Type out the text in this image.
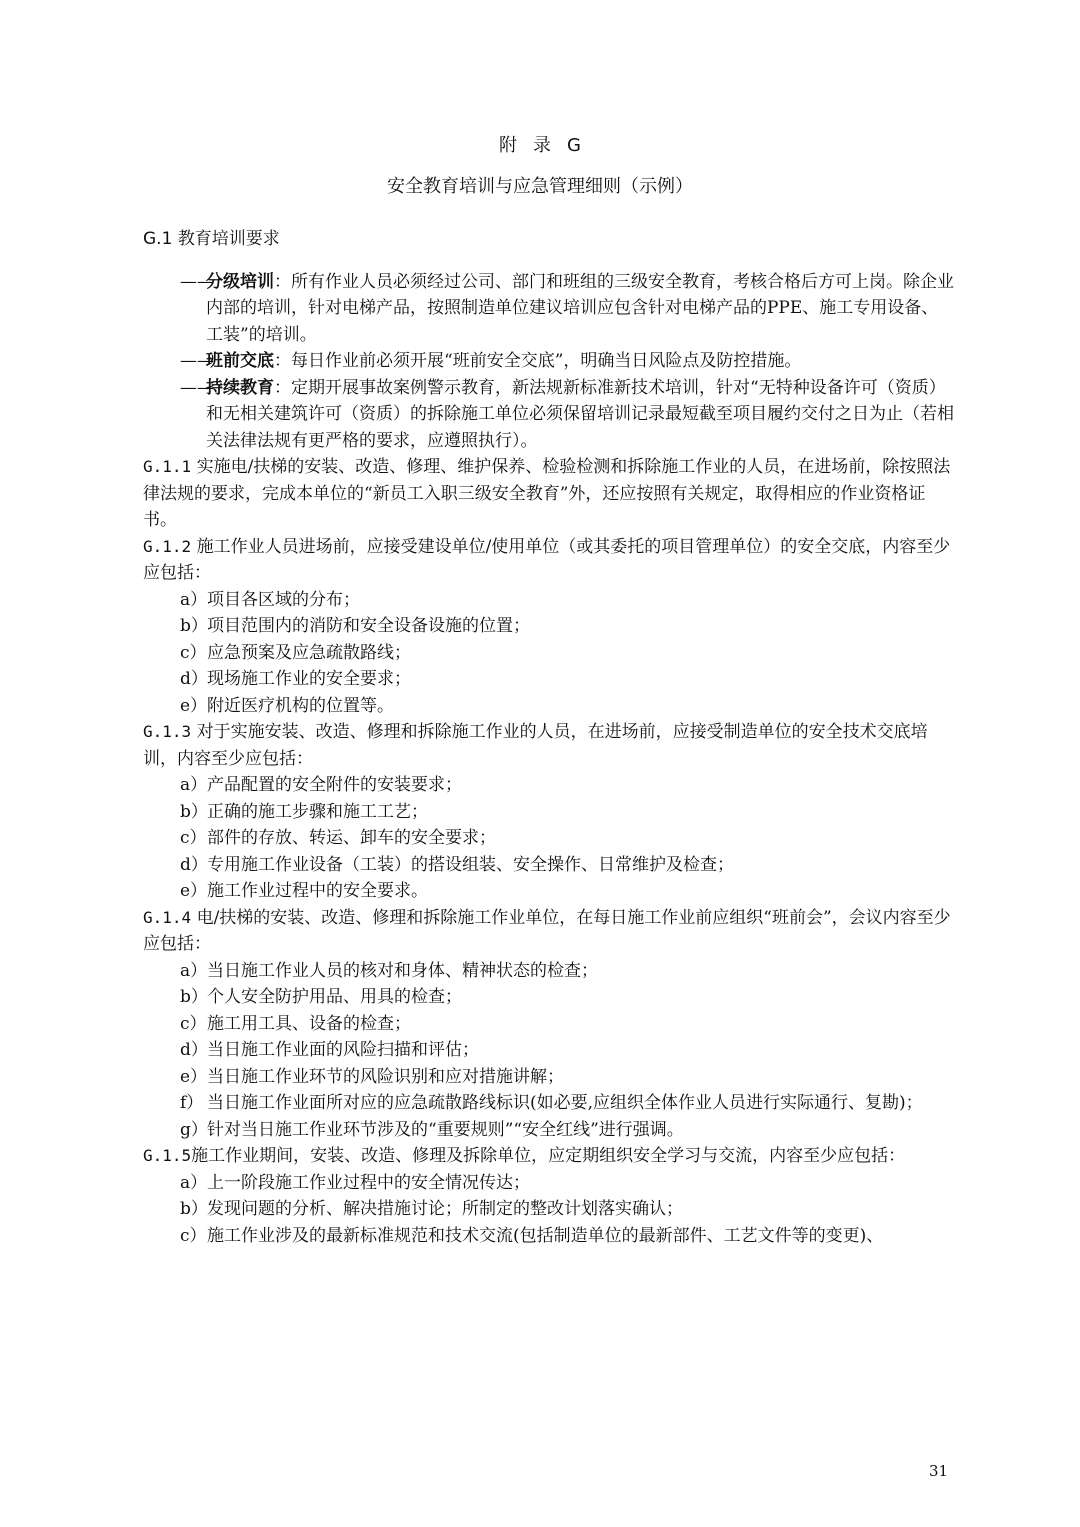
附 录 G
安全教育培训与应急管理细则（示例）

G.1 教育培训要求

——
分级培训：所有作业人员必须经过公司、部门和班组的三级安全教育，考核合格后方可上岗。除企业内部的培训，针对电梯产品，按照制造单位建议培训应包含针对电梯产品的PPE、施工专用设备、工装”的培训。

——
班前交底：每日作业前必须开展“班前安全交底”，明确当日风险点及防控措施。

——
持续教育：定期开展事故案例警示教育，新法规新标准新技术培训，针对“无特种设备许可（资质）和无相关建筑许可（资质）的拆除施工单位必须保留培训记录最短截至项目履约交付之日为止（若相关法律法规有更严格的要求，应遵照执行）。

G.1.1 实施电/扶梯的安装、改造、修理、维护保养、检验检测和拆除施工作业的人员，在进场前，除按照法律法规的要求，完成本单位的“新员工入职三级安全教育”外，还应按照有关规定，取得相应的作业资格证书。

G.1.2 施工作业人员进场前，应接受建设单位/使用单位（或其委托的项目管理单位）的安全交底，内容至少应包括：

a） 项目各区域的分布；

b） 项目范围内的消防和安全设备设施的位置；

c） 应急预案及应急疏散路线；

d） 现场施工作业的安全要求；

e） 附近医疗机构的位置等。

G.1.3 对于实施安装、改造、修理和拆除施工作业的人员，在进场前，应接受制造单位的安全技术交底培训，内容至少应包括：

a） 产品配置的安全附件的安装要求；

b） 正确的施工步骤和施工工艺；

c） 部件的存放、转运、卸车的安全要求；

d） 专用施工作业设备（工装）的搭设组装、安全操作、日常维护及检查；

e） 施工作业过程中的安全要求。

G.1.4 电/扶梯的安装、改造、修理和拆除施工作业单位，在每日施工作业前应组织“班前会”，会议内容至少应包括：

a） 当日施工作业人员的核对和身体、精神状态的检查；

b） 个人安全防护用品、用具的检查；

c） 施工用工具、设备的检查；

d） 当日施工作业面的风险扫描和评估；

e） 当日施工作业环节的风险识别和应对措施讲解；

f） 当日施工作业面所对应的应急疏散路线标识(如必要,应组织全体作业人员进行实际通行、复勘)；

g） 针对当日施工作业环节涉及的“重要规则”“安全红线”进行强调。

G.1.5施工作业期间，安装、改造、修理及拆除单位，应定期组织安全学习与交流，内容至少应包括：

a） 上一阶段施工作业过程中的安全情况传达；

b） 发现问题的分析、解决措施讨论；所制定的整改计划落实确认；

c） 施工作业涉及的最新标准规范和技术交流(包括制造单位的最新部件、工艺文件等的变更)、

31
